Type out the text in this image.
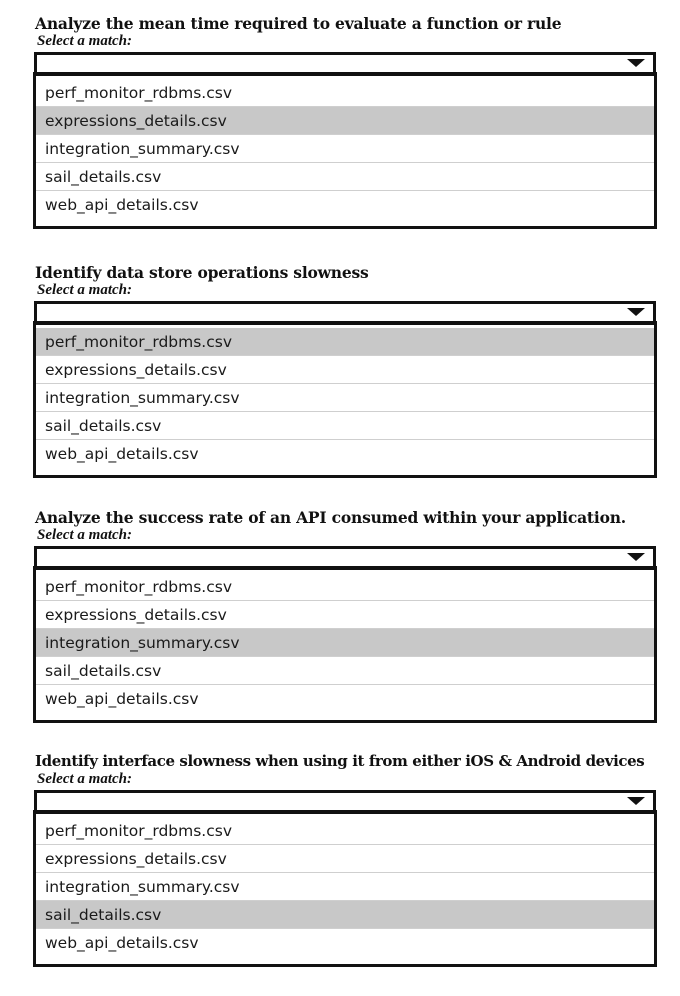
Analyze the mean time required to evaluate a function or rule
Select a match:
perf_monitor_rdbms.csv
expressions_details.csv
integration_summary.csv
sail_details.csv
web_api_details.csv
Identify data store operations slowness
Select a match:
perf_monitor_rdbms.csv
expressions_details.csv
integration_summary.csv
sail_details.csv
web_api_details.csv
Analyze the success rate of an API consumed within your application.
Select a match:
perf_monitor_rdbms.csv
expressions_details.csv
integration_summary.csv
sail_details.csv
web_api_details.csv
Identify interface slowness when using it from either iOS & Android devices
Select a match:
perf_monitor_rdbms.csv
expressions_details.csv
integration_summary.csv
sail_details.csv
web_api_details.csv
